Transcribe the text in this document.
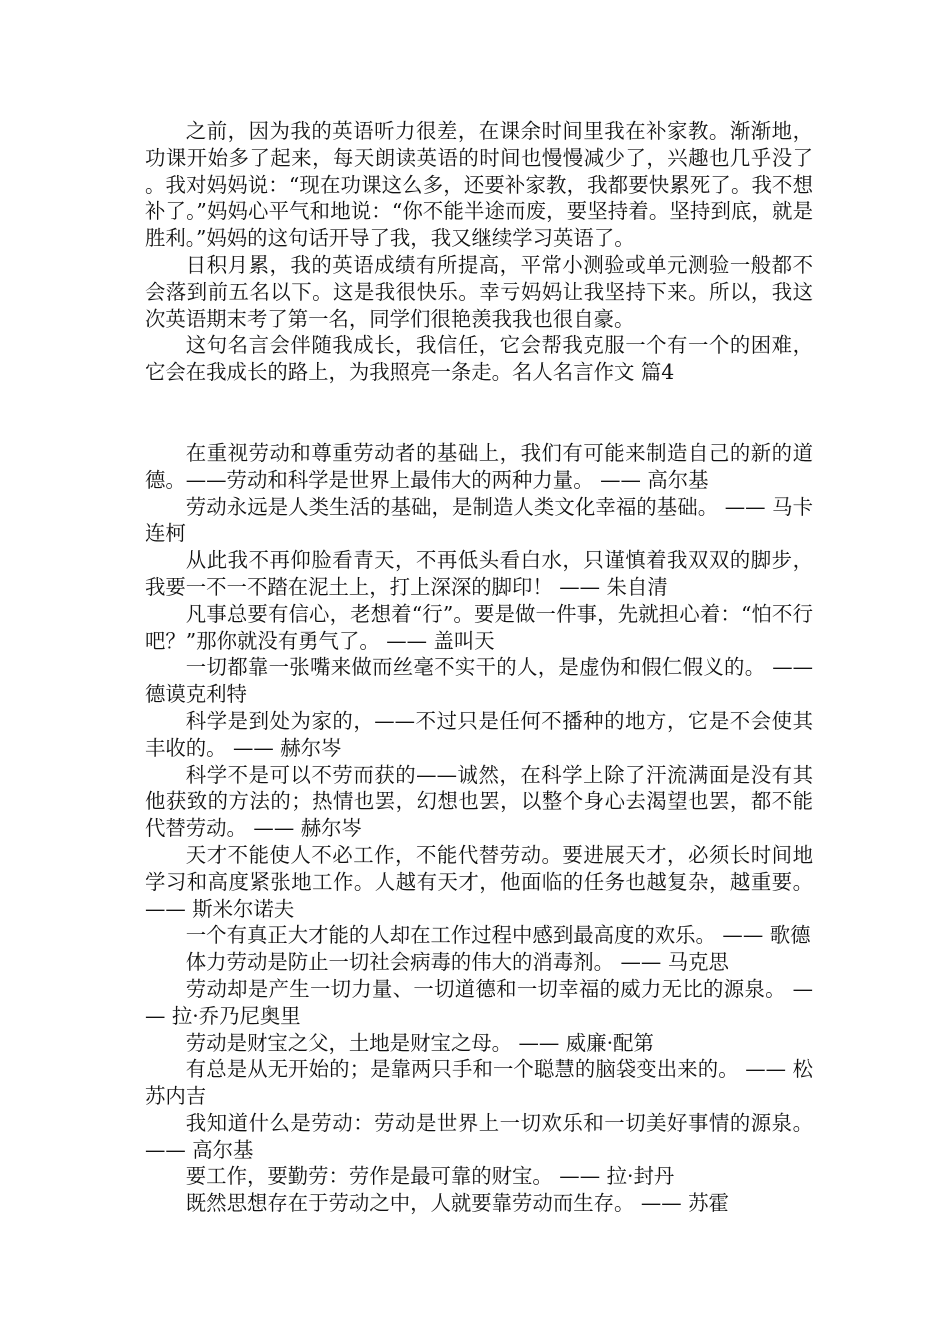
之前，因为我的英语听力很差，在课余时间里我在补家教。渐渐地，功课开始多了起来，每天朗读英语的时间也慢慢减少了，兴趣也几乎没了。我对妈妈说：“现在功课这么多，还要补家教，我都要快累死了。我不想补了。”妈妈心平气和地说：“你不能半途而废，要坚持着。坚持到底，就是胜利。”妈妈的这句话开导了我，我又继续学习英语了。

日积月累，我的英语成绩有所提高，平常小测验或单元测验一般都不会落到前五名以下。这是我很快乐。幸亏妈妈让我坚持下来。所以，我这次英语期末考了第一名，同学们很艳羡我我也很自豪。

这句名言会伴随我成长，我信任，它会帮我克服一个有一个的困难，它会在我成长的路上，为我照亮一条走。名人名言作文 篇4

在重视劳动和尊重劳动者的基础上，我们有可能来制造自己的新的道德。——劳动和科学是世界上最伟大的两种力量。 —— 高尔基

劳动永远是人类生活的基础，是制造人类文化幸福的基础。 —— 马卡连柯

从此我不再仰脸看青天，不再低头看白水，只谨慎着我双双的脚步，我要一不一不踏在泥土上，打上深深的脚印！ —— 朱自清

凡事总要有信心，老想着“行”。要是做一件事，先就担心着：“怕不行吧？”那你就没有勇气了。 —— 盖叫天

一切都靠一张嘴来做而丝毫不实干的人，是虚伪和假仁假义的。 —— 德谟克利特

科学是到处为家的，——不过只是任何不播种的地方，它是不会使其丰收的。 —— 赫尔岑

科学不是可以不劳而获的——诚然，在科学上除了汗流满面是没有其他获致的方法的；热情也罢，幻想也罢，以整个身心去渴望也罢，都不能代替劳动。 —— 赫尔岑

天才不能使人不必工作，不能代替劳动。要进展天才，必须长时间地学习和高度紧张地工作。人越有天才，他面临的任务也越复杂，越重要。 —— 斯米尔诺夫

一个有真正大才能的人却在工作过程中感到最高度的欢乐。 —— 歌德

体力劳动是防止一切社会病毒的伟大的消毒剂。 —— 马克思

劳动却是产生一切力量、一切道德和一切幸福的威力无比的源泉。 —— 拉·乔乃尼奥里

劳动是财宝之父，土地是财宝之母。 —— 威廉·配第

有总是从无开始的；是靠两只手和一个聪慧的脑袋变出来的。 —— 松苏内吉

我知道什么是劳动：劳动是世界上一切欢乐和一切美好事情的源泉。 —— 高尔基

要工作，要勤劳：劳作是最可靠的财宝。 —— 拉·封丹

既然思想存在于劳动之中，人就要靠劳动而生存。 —— 苏霍
